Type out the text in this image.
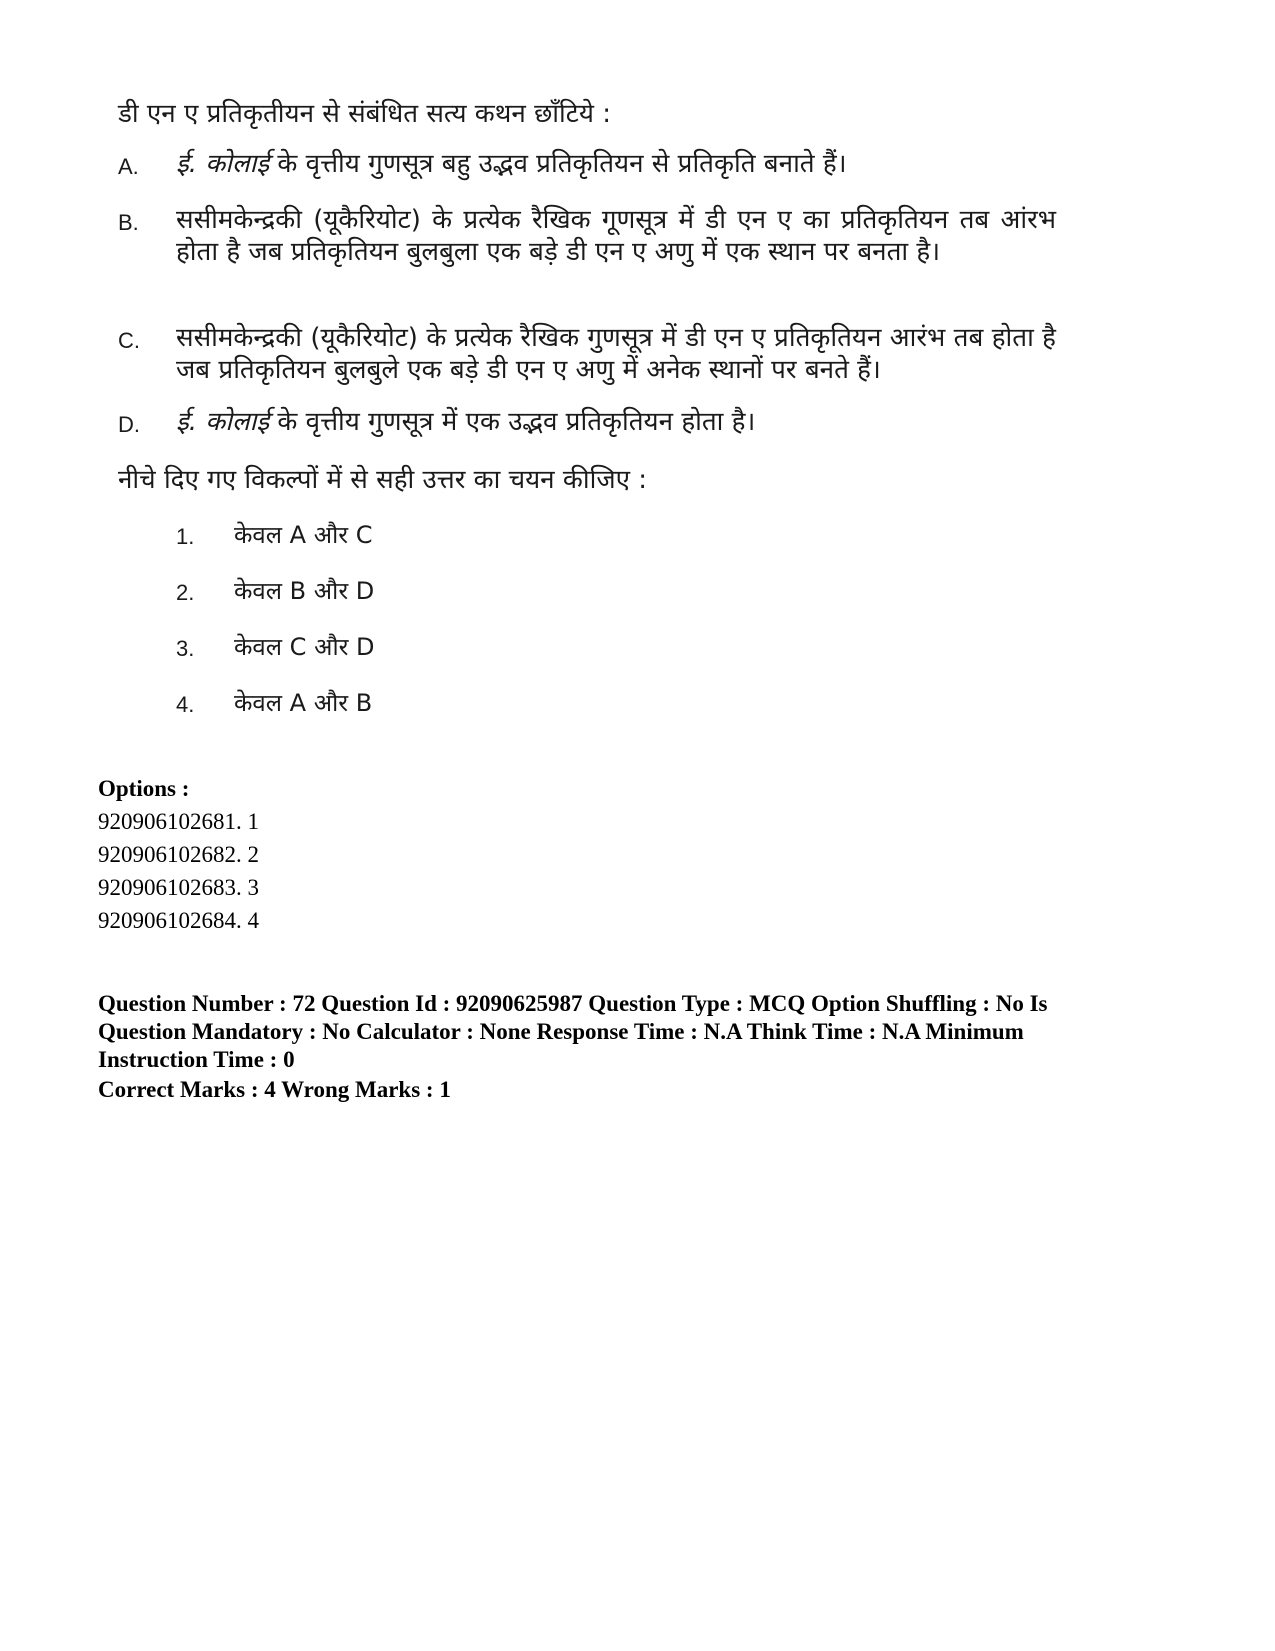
डी एन ए प्रतिकृतीयन से संबंधित सत्य कथन छाँटिये :
A. ई. कोलाई के वृत्तीय गुणसूत्र बहु उद्भव प्रतिकृतियन से प्रतिकृति बनाते हैं।
B. ससीमकेन्द्रकी (यूकैरियोट) के प्रत्येक रैखिक गूणसूत्र में डी एन ए का प्रतिकृतियन तब आंरभ होता है जब प्रतिकृतियन बुलबुला एक बड़े डी एन ए अणु में एक स्थान पर बनता है।
C. ससीमकेन्द्रकी (यूकैरियोट) के प्रत्येक रैखिक गुणसूत्र में डी एन ए प्रतिकृतियन आरंभ तब होता है जब प्रतिकृतियन बुलबुले एक बड़े डी एन ए अणु में अनेक स्थानों पर बनते हैं।
D. ई. कोलाई के वृत्तीय गुणसूत्र में एक उद्भव प्रतिकृतियन होता है।
नीचे दिए गए विकल्पों में से सही उत्तर का चयन कीजिए :
1. केवल A और C
2. केवल B और D
3. केवल C और D
4. केवल A और B
Options :
920906102681. 1
920906102682. 2
920906102683. 3
920906102684. 4
Question Number : 72 Question Id : 92090625987 Question Type : MCQ Option Shuffling : No Is Question Mandatory : No Calculator : None Response Time : N.A Think Time : N.A Minimum Instruction Time : 0
Correct Marks : 4 Wrong Marks : 1
